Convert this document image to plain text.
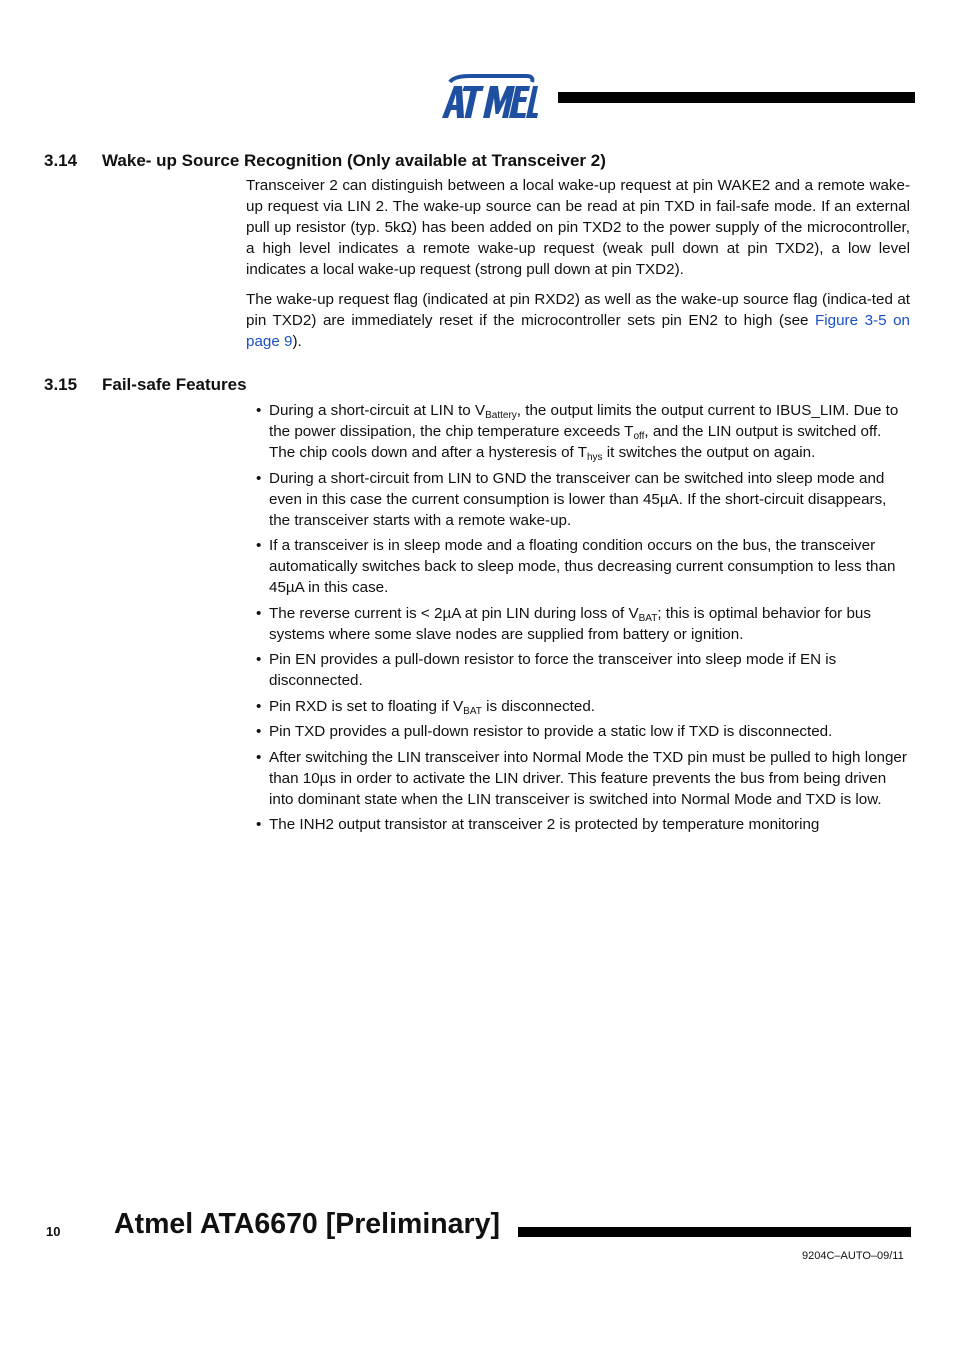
3.14 Wake- up Source Recognition (Only available at Transceiver 2)

Transceiver 2 can distinguish between a local wake-up request at pin WAKE2 and a remote wake-up request via LIN 2. The wake-up source can be read at pin TXD in fail-safe mode. If an external pull up resistor (typ. 5kΩ) has been added on pin TXD2 to the power supply of the microcontroller, a high level indicates a remote wake-up request (weak pull down at pin TXD2), a low level indicates a local wake-up request (strong pull down at pin TXD2).

The wake-up request flag (indicated at pin RXD2) as well as the wake-up source flag (indica-ted at pin TXD2) are immediately reset if the microcontroller sets pin EN2 to high (see Figure 3-5 on page 9).

3.15 Fail-safe Features
• During a short-circuit at LIN to $V_{Battery}$, the output limits the output current to IBUS_LIM. Due to the power dissipation, the chip temperature exceeds $T_{off}$, and the LIN output is switched off. The chip cools down and after a hysteresis of $T_{hys}$ it switches the output on again.
• During a short-circuit from LIN to GND the transceiver can be switched into sleep mode and even in this case the current consumption is lower than 45µA. If the short-circuit disappears, the transceiver starts with a remote wake-up.
• If a transceiver is in sleep mode and a floating condition occurs on the bus, the transceiver automatically switches back to sleep mode, thus decreasing current consumption to less than 45µA in this case.
• The reverse current is < 2µA at pin LIN during loss of $V_{BAT}$; this is optimal behavior for bus systems where some slave nodes are supplied from battery or ignition.
• Pin EN provides a pull-down resistor to force the transceiver into sleep mode if EN is disconnected.
• Pin RXD is set to floating if $V_{BAT}$ is disconnected.
• Pin TXD provides a pull-down resistor to provide a static low if TXD is disconnected.
• After switching the LIN transceiver into Normal Mode the TXD pin must be pulled to high longer than 10µs in order to activate the LIN driver. This feature prevents the bus from being driven into dominant state when the LIN transceiver is switched into Normal Mode and TXD is low.
• The INH2 output transistor at transceiver 2 is protected by temperature monitoring
10 Atmel ATA6670 [Preliminary]
9204C–AUTO–09/11
